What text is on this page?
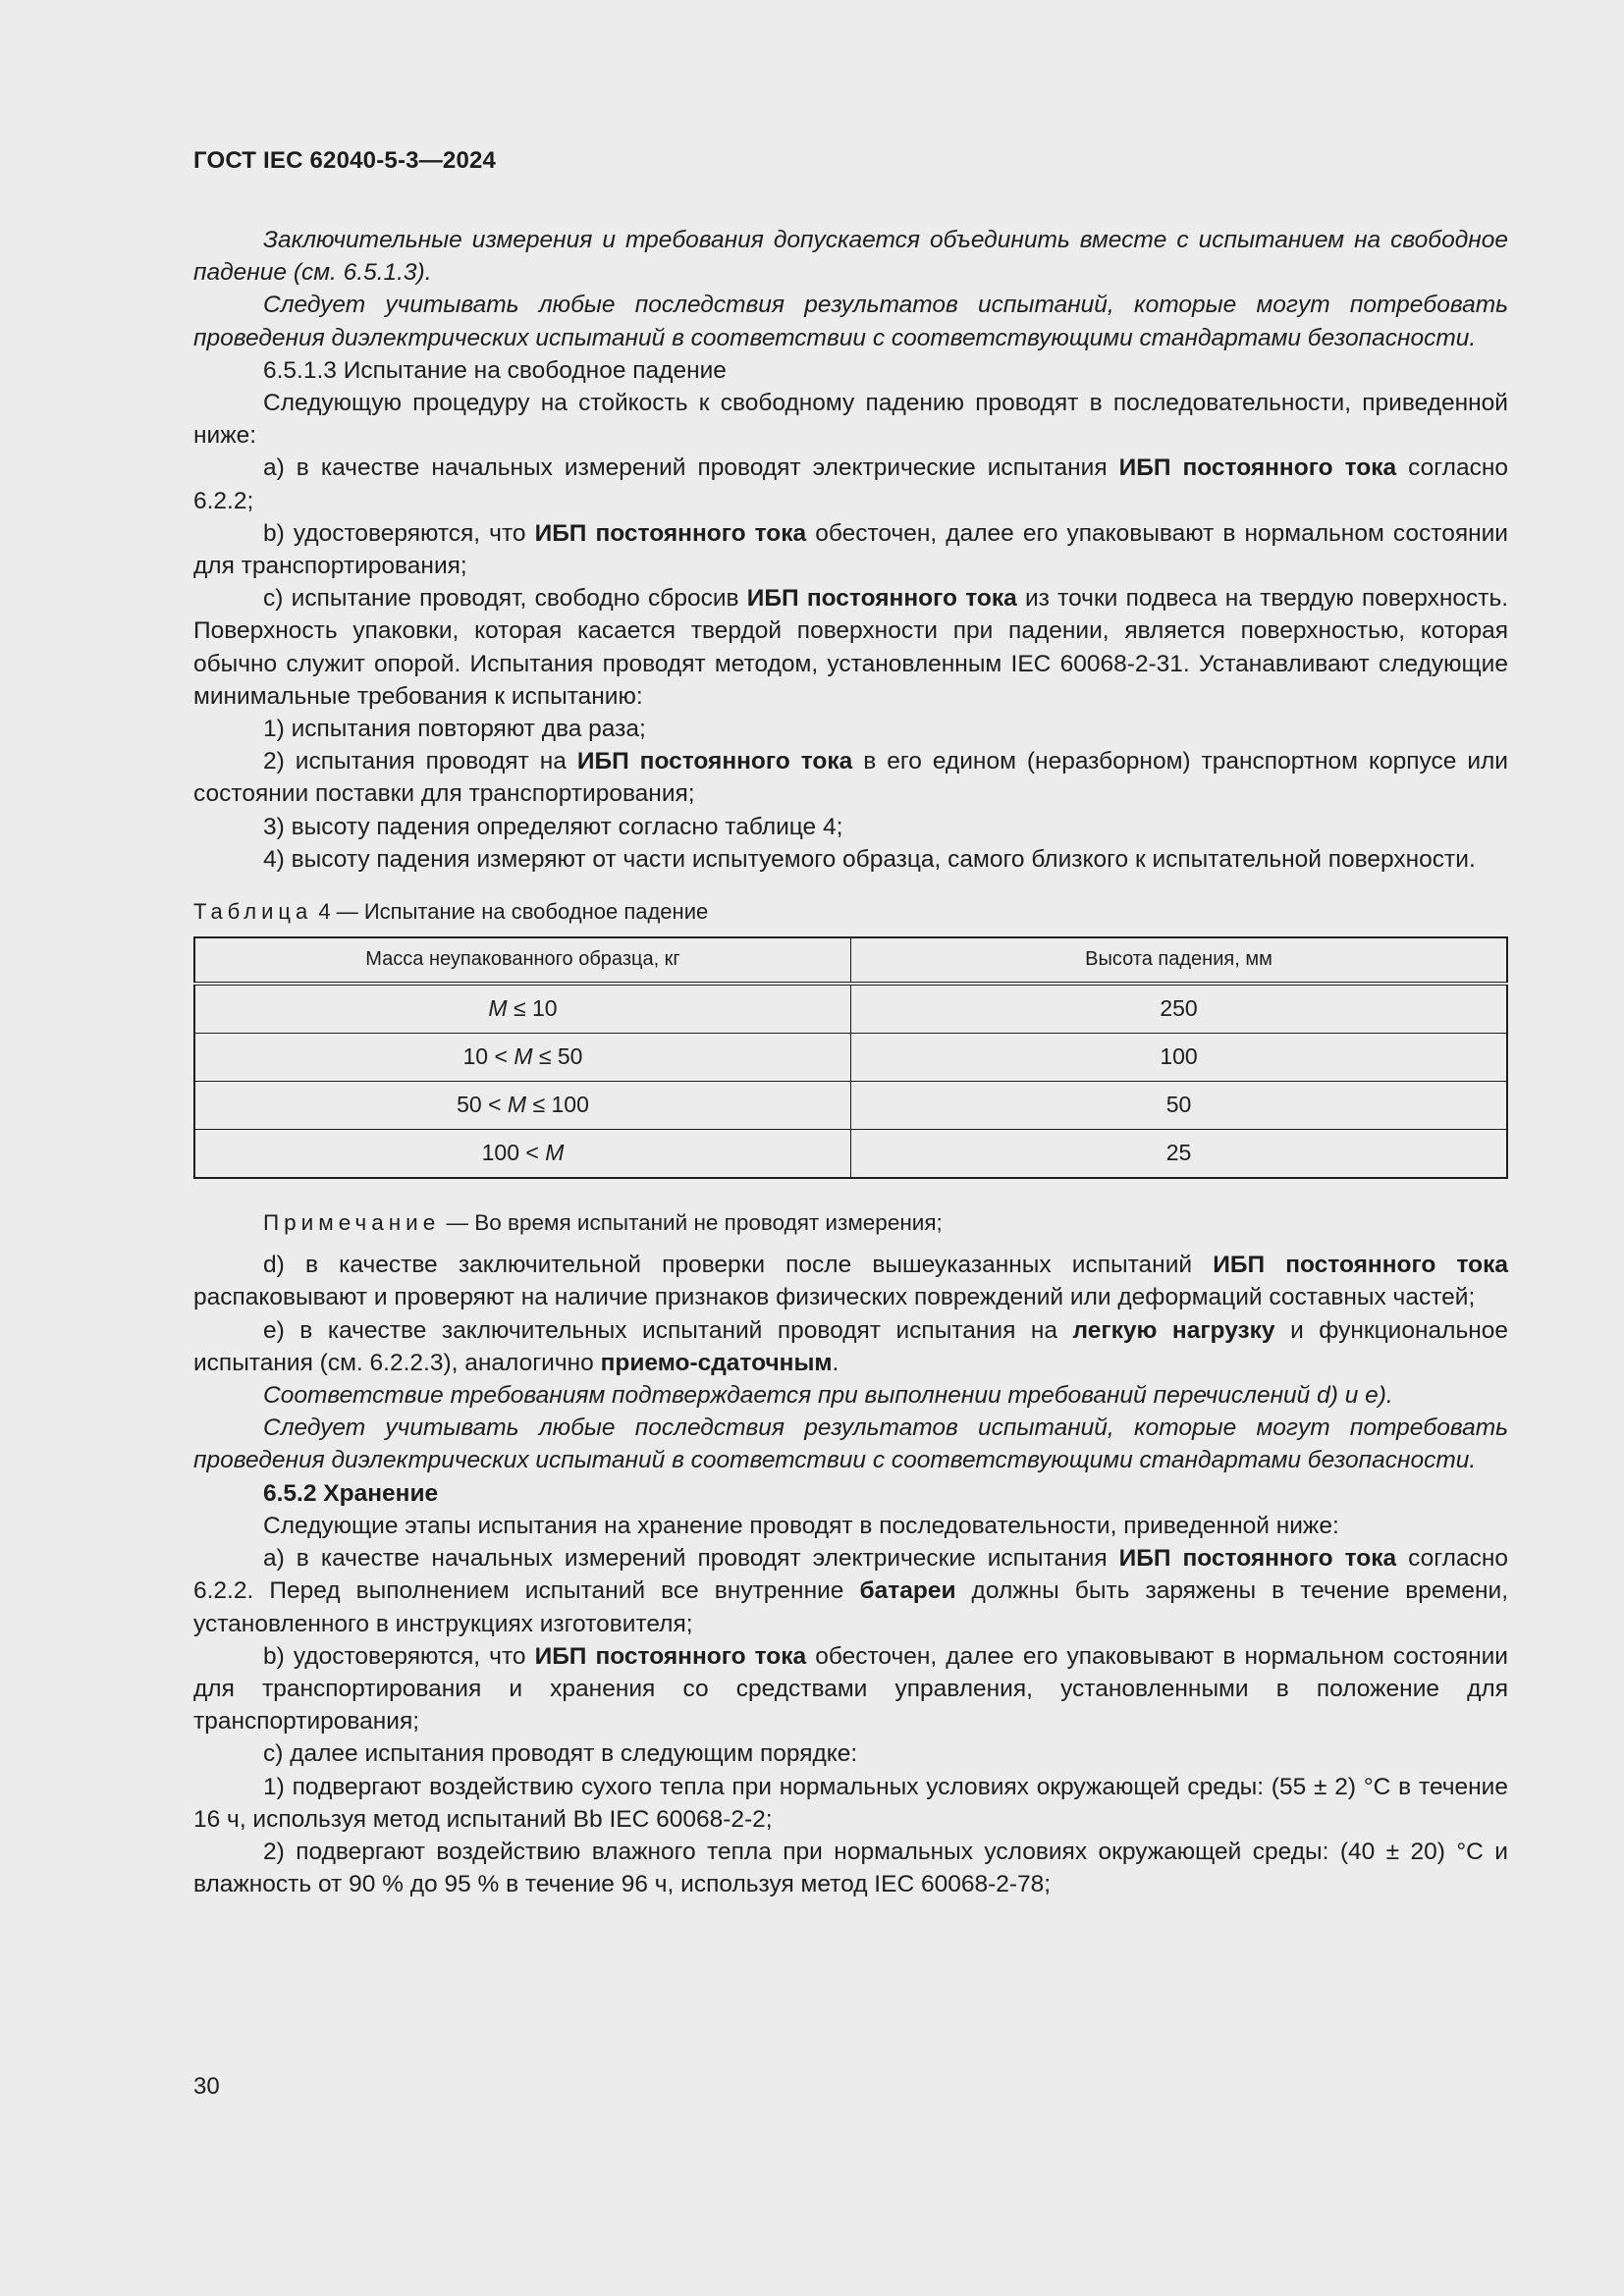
ГОСТ IEC 62040-5-3—2024

Заключительные измерения и требования допускается объединить вместе с испытанием на свободное падение (см. 6.5.1.3).

Следует учитывать любые последствия результатов испытаний, которые могут потребовать проведения диэлектрических испытаний в соответствии с соответствующими стандартами безопасности.

6.5.1.3 Испытание на свободное падение

Следующую процедуру на стойкость к свободному падению проводят в последовательности, приведенной ниже:

a) в качестве начальных измерений проводят электрические испытания ИБП постоянного тока согласно 6.2.2;

b) удостоверяются, что ИБП постоянного тока обесточен, далее его упаковывают в нормальном состоянии для транспортирования;

c) испытание проводят, свободно сбросив ИБП постоянного тока из точки подвеса на твердую поверхность. Поверхность упаковки, которая касается твердой поверхности при падении, является поверхностью, которая обычно служит опорой. Испытания проводят методом, установленным IEC 60068-2-31. Устанавливают следующие минимальные требования к испытанию:

1) испытания повторяют два раза;

2) испытания проводят на ИБП постоянного тока в его едином (неразборном) транспортном корпусе или состоянии поставки для транспортирования;

3) высоту падения определяют согласно таблице 4;

4) высоту падения измеряют от части испытуемого образца, самого близкого к испытательной поверхности.

Таблица 4 — Испытание на свободное падение

Масса неупакованного образца, кг	Высота падения, мм
M ≤ 10	250
10 < M ≤ 50	100
50 < M ≤ 100	50
100 < M	25

Примечание — Во время испытаний не проводят измерения;

d) в качестве заключительной проверки после вышеуказанных испытаний ИБП постоянного тока распаковывают и проверяют на наличие признаков физических повреждений или деформаций составных частей;

e) в качестве заключительных испытаний проводят испытания на легкую нагрузку и функциональное испытания (см. 6.2.2.3), аналогично приемо-сдаточным.

Соответствие требованиям подтверждается при выполнении требований перечислений d) и e).

Следует учитывать любые последствия результатов испытаний, которые могут потребовать проведения диэлектрических испытаний в соответствии с соответствующими стандартами безопасности.

6.5.2 Хранение

Следующие этапы испытания на хранение проводят в последовательности, приведенной ниже:

a) в качестве начальных измерений проводят электрические испытания ИБП постоянного тока согласно 6.2.2. Перед выполнением испытаний все внутренние батареи должны быть заряжены в течение времени, установленного в инструкциях изготовителя;

b) удостоверяются, что ИБП постоянного тока обесточен, далее его упаковывают в нормальном состоянии для транспортирования и хранения со средствами управления, установленными в положение для транспортирования;

c) далее испытания проводят в следующим порядке:

1) подвергают воздействию сухого тепла при нормальных условиях окружающей среды: (55 ± 2) °С в течение 16 ч, используя метод испытаний Bb IEC 60068-2-2;

2) подвергают воздействию влажного тепла при нормальных условиях окружающей среды: (40 ± 20) °С и влажность от 90 % до 95 % в течение 96 ч, используя метод IEC 60068-2-78;

30
